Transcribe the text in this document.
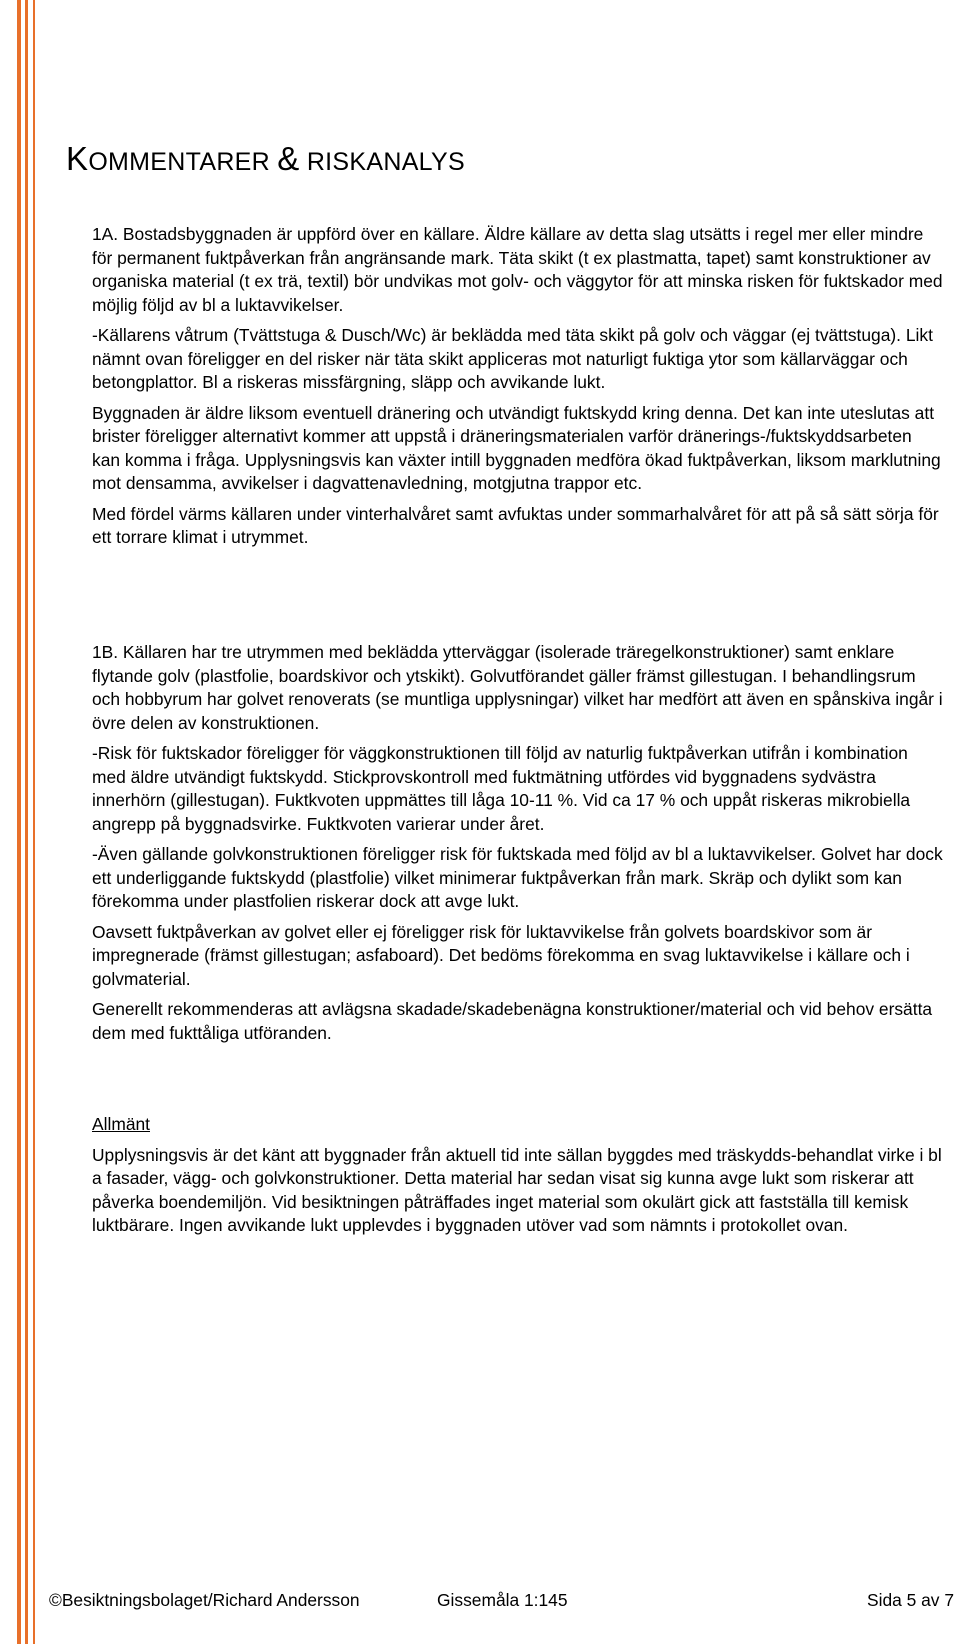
KOMMENTARER & RISKANALYS

1A. Bostadsbyggnaden är uppförd över en källare. Äldre källare av detta slag utsätts i regel mer eller mindre för permanent fuktpåverkan från angränsande mark. Täta skikt (t ex plastmatta, tapet) samt konstruktioner av organiska material (t ex trä, textil) bör undvikas mot golv- och väggytor för att minska risken för fuktskador med möjlig följd av bl a luktavvikelser.

-Källarens våtrum (Tvättstuga & Dusch/Wc) är beklädda med täta skikt på golv och väggar (ej tvättstuga). Likt nämnt ovan föreligger en del risker när täta skikt appliceras mot naturligt fuktiga ytor som källarväggar och betongplattor. Bl a riskeras missfärgning, släpp och avvikande lukt.

Byggnaden är äldre liksom eventuell dränering och utvändigt fuktskydd kring denna. Det kan inte uteslutas att brister föreligger alternativt kommer att uppstå i dräneringsmaterialen varför dränerings-/fuktskyddsarbeten kan komma i fråga. Upplysningsvis kan växter intill byggnaden medföra ökad fuktpåverkan, liksom marklutning mot densamma, avvikelser i dagvattenavledning, motgjutna trappor etc.

Med fördel värms källaren under vinterhalvåret samt avfuktas under sommarhalvåret för att på så sätt sörja för ett torrare klimat i utrymmet.

1B. Källaren har tre utrymmen med beklädda ytterväggar (isolerade träregelkonstruktioner) samt enklare flytande golv (plastfolie, boardskivor och ytskikt). Golvutförandet gäller främst gillestugan. I behandlingsrum och hobbyrum har golvet renoverats (se muntliga upplysningar) vilket har medfört att även en spånskiva ingår i övre delen av konstruktionen.

-Risk för fuktskador föreligger för väggkonstruktionen till följd av naturlig fuktpåverkan utifrån i kombination med äldre utvändigt fuktskydd. Stickprovskontroll med fuktmätning utfördes vid byggnadens sydvästra innerhörn (gillestugan). Fuktkvoten uppmättes till låga 10-11 %. Vid ca 17 % och uppåt riskeras mikrobiella angrepp på byggnadsvirke. Fuktkvoten varierar under året.

-Även gällande golvkonstruktionen föreligger risk för fuktskada med följd av bl a luktavvikelser. Golvet har dock ett underliggande fuktskydd (plastfolie) vilket minimerar fuktpåverkan från mark. Skräp och dylikt som kan förekomma under plastfolien riskerar dock att avge lukt.

Oavsett fuktpåverkan av golvet eller ej föreligger risk för luktavvikelse från golvets boardskivor som är impregnerade (främst gillestugan; asfaboard). Det bedöms förekomma en svag luktavvikelse i källare och i golvmaterial.

Generellt rekommenderas att avlägsna skadade/skadebenägna konstruktioner/material och vid behov ersätta dem med fukttåliga utföranden.

Allmänt

Upplysningsvis är det känt att byggnader från aktuell tid inte sällan byggdes med träskydds-behandlat virke i bl a fasader, vägg- och golvkonstruktioner. Detta material har sedan visat sig kunna avge lukt som riskerar att påverka boendemiljön. Vid besiktningen påträffades inget material som okulärt gick att fastställa till kemisk luktbärare. Ingen avvikande lukt upplevdes i byggnaden utöver vad som nämnts i protokollet ovan.

©Besiktningsbolaget/Richard Andersson	Gissemåla 1:145	Sida 5 av 7
